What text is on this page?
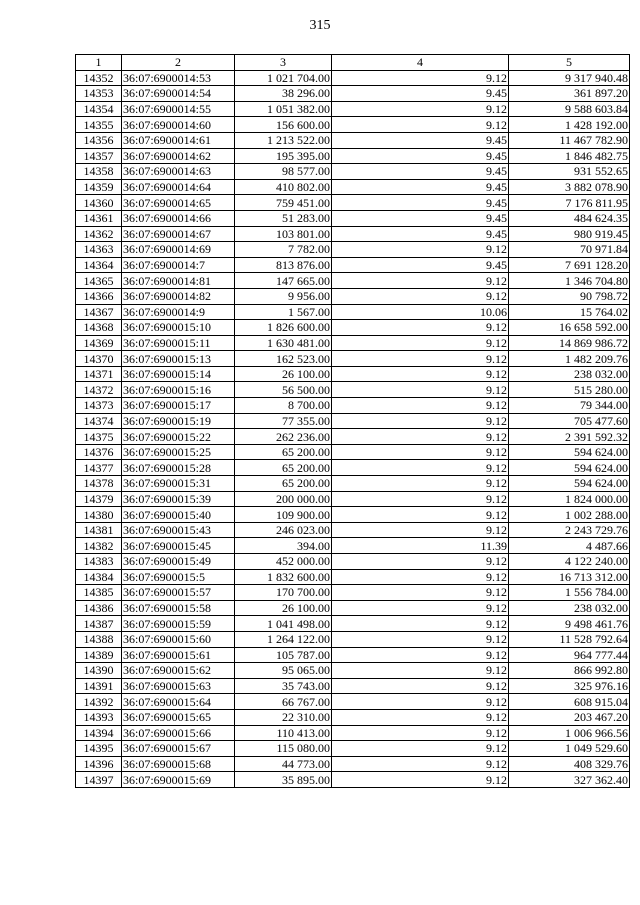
315
1	2	3	4	5
14352	36:07:6900014:53	1 021 704.00	9.12	9 317 940.48
14353	36:07:6900014:54	38 296.00	9.45	361 897.20
14354	36:07:6900014:55	1 051 382.00	9.12	9 588 603.84
14355	36:07:6900014:60	156 600.00	9.12	1 428 192.00
14356	36:07:6900014:61	1 213 522.00	9.45	11 467 782.90
14357	36:07:6900014:62	195 395.00	9.45	1 846 482.75
14358	36:07:6900014:63	98 577.00	9.45	931 552.65
14359	36:07:6900014:64	410 802.00	9.45	3 882 078.90
14360	36:07:6900014:65	759 451.00	9.45	7 176 811.95
14361	36:07:6900014:66	51 283.00	9.45	484 624.35
14362	36:07:6900014:67	103 801.00	9.45	980 919.45
14363	36:07:6900014:69	7 782.00	9.12	70 971.84
14364	36:07:6900014:7	813 876.00	9.45	7 691 128.20
14365	36:07:6900014:81	147 665.00	9.12	1 346 704.80
14366	36:07:6900014:82	9 956.00	9.12	90 798.72
14367	36:07:6900014:9	1 567.00	10.06	15 764.02
14368	36:07:6900015:10	1 826 600.00	9.12	16 658 592.00
14369	36:07:6900015:11	1 630 481.00	9.12	14 869 986.72
14370	36:07:6900015:13	162 523.00	9.12	1 482 209.76
14371	36:07:6900015:14	26 100.00	9.12	238 032.00
14372	36:07:6900015:16	56 500.00	9.12	515 280.00
14373	36:07:6900015:17	8 700.00	9.12	79 344.00
14374	36:07:6900015:19	77 355.00	9.12	705 477.60
14375	36:07:6900015:22	262 236.00	9.12	2 391 592.32
14376	36:07:6900015:25	65 200.00	9.12	594 624.00
14377	36:07:6900015:28	65 200.00	9.12	594 624.00
14378	36:07:6900015:31	65 200.00	9.12	594 624.00
14379	36:07:6900015:39	200 000.00	9.12	1 824 000.00
14380	36:07:6900015:40	109 900.00	9.12	1 002 288.00
14381	36:07:6900015:43	246 023.00	9.12	2 243 729.76
14382	36:07:6900015:45	394.00	11.39	4 487.66
14383	36:07:6900015:49	452 000.00	9.12	4 122 240.00
14384	36:07:6900015:5	1 832 600.00	9.12	16 713 312.00
14385	36:07:6900015:57	170 700.00	9.12	1 556 784.00
14386	36:07:6900015:58	26 100.00	9.12	238 032.00
14387	36:07:6900015:59	1 041 498.00	9.12	9 498 461.76
14388	36:07:6900015:60	1 264 122.00	9.12	11 528 792.64
14389	36:07:6900015:61	105 787.00	9.12	964 777.44
14390	36:07:6900015:62	95 065.00	9.12	866 992.80
14391	36:07:6900015:63	35 743.00	9.12	325 976.16
14392	36:07:6900015:64	66 767.00	9.12	608 915.04
14393	36:07:6900015:65	22 310.00	9.12	203 467.20
14394	36:07:6900015:66	110 413.00	9.12	1 006 966.56
14395	36:07:6900015:67	115 080.00	9.12	1 049 529.60
14396	36:07:6900015:68	44 773.00	9.12	408 329.76
14397	36:07:6900015:69	35 895.00	9.12	327 362.40
